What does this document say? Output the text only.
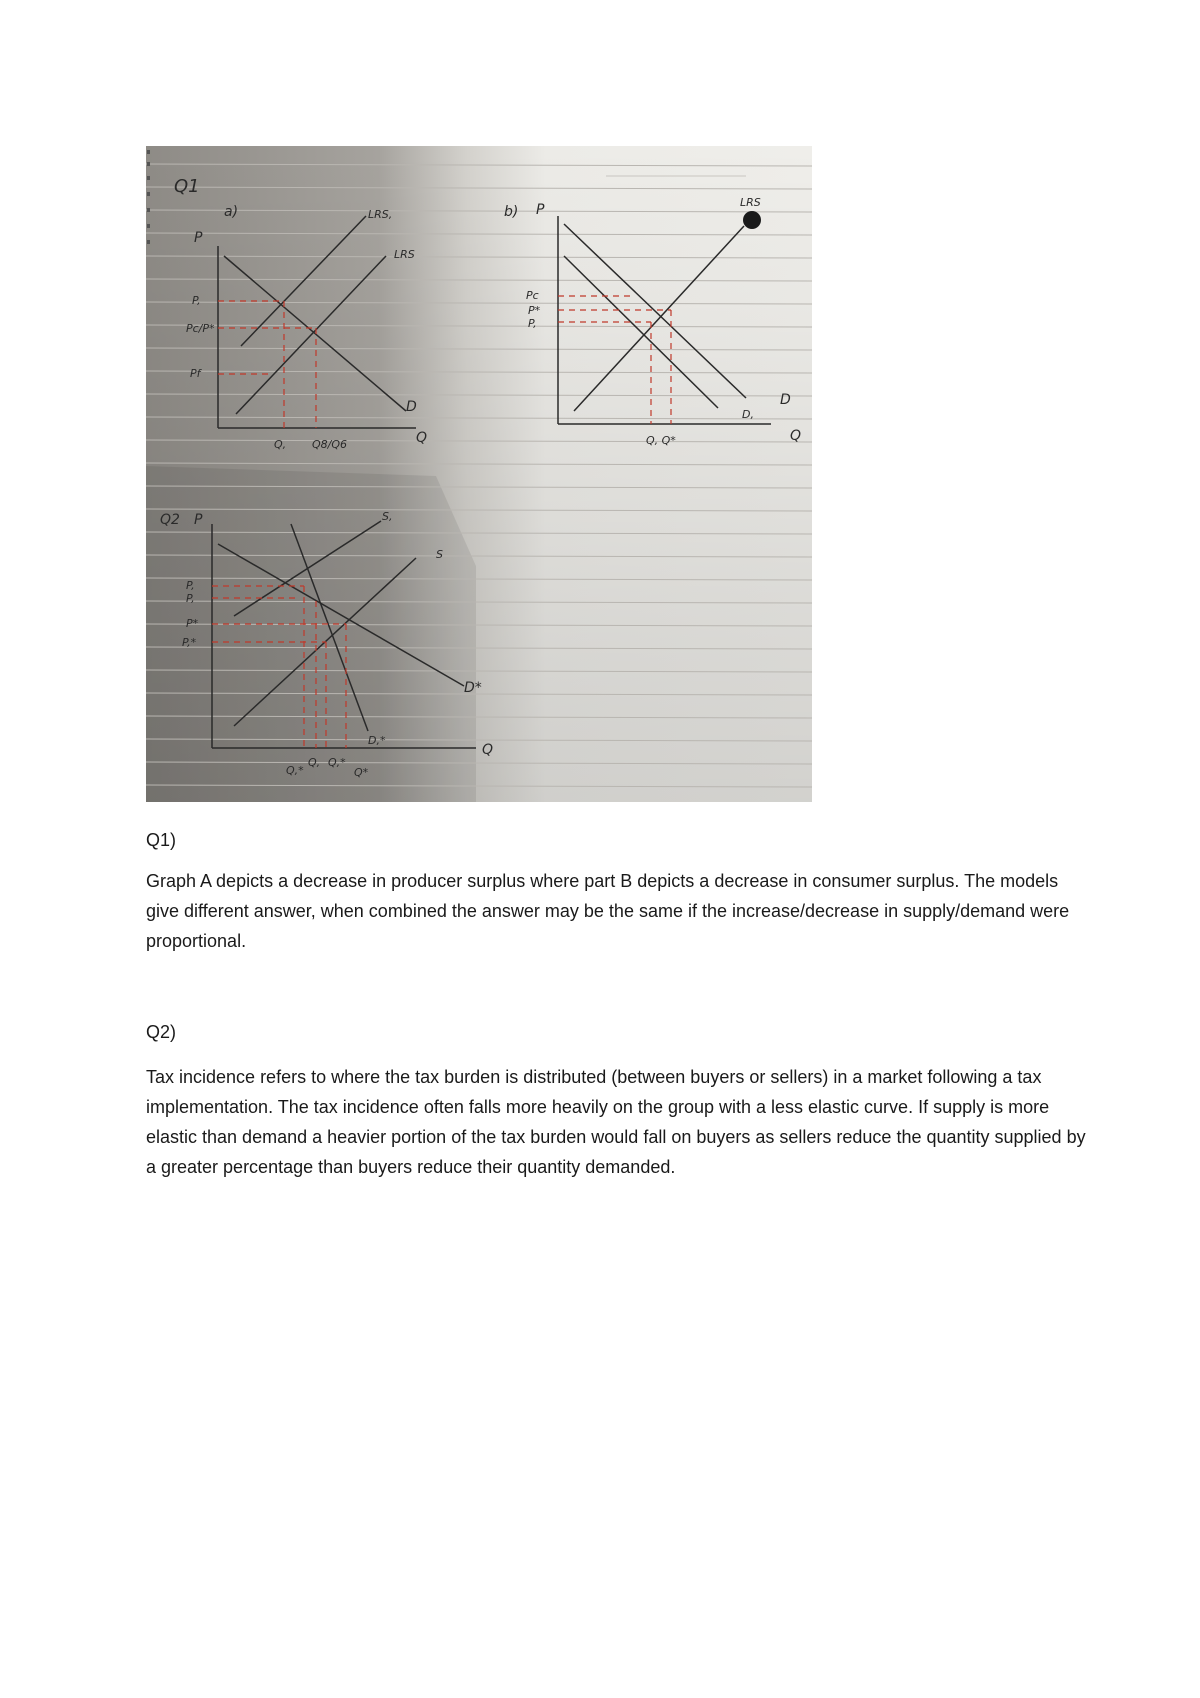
Q1
a)
P
Q
LRS,
LRS
D
P,
Pc/P*
Pf
Q, Q8/Q6
b) P
Q
LRS
D
D,
Pc
P*
P,
Q, Q*
Q2 P
Q
S,
S
D*
D,*
P,
P,
P*
P,*
Q,*
Q, Q,*
Q*
Q1)

Graph A depicts a decrease in producer surplus where part B depicts a decrease in consumer surplus. The models give different answer, when combined the answer may be the same if the increase/decrease in supply/demand were proportional.

Q2)

Tax incidence refers to where the tax burden is distributed (between buyers or sellers) in a market following a tax implementation. The tax incidence often falls more heavily on the group with a less elastic curve. If supply is more elastic than demand a heavier portion of the tax burden would fall on buyers as sellers reduce the quantity supplied by a greater percentage than buyers reduce their quantity demanded.
